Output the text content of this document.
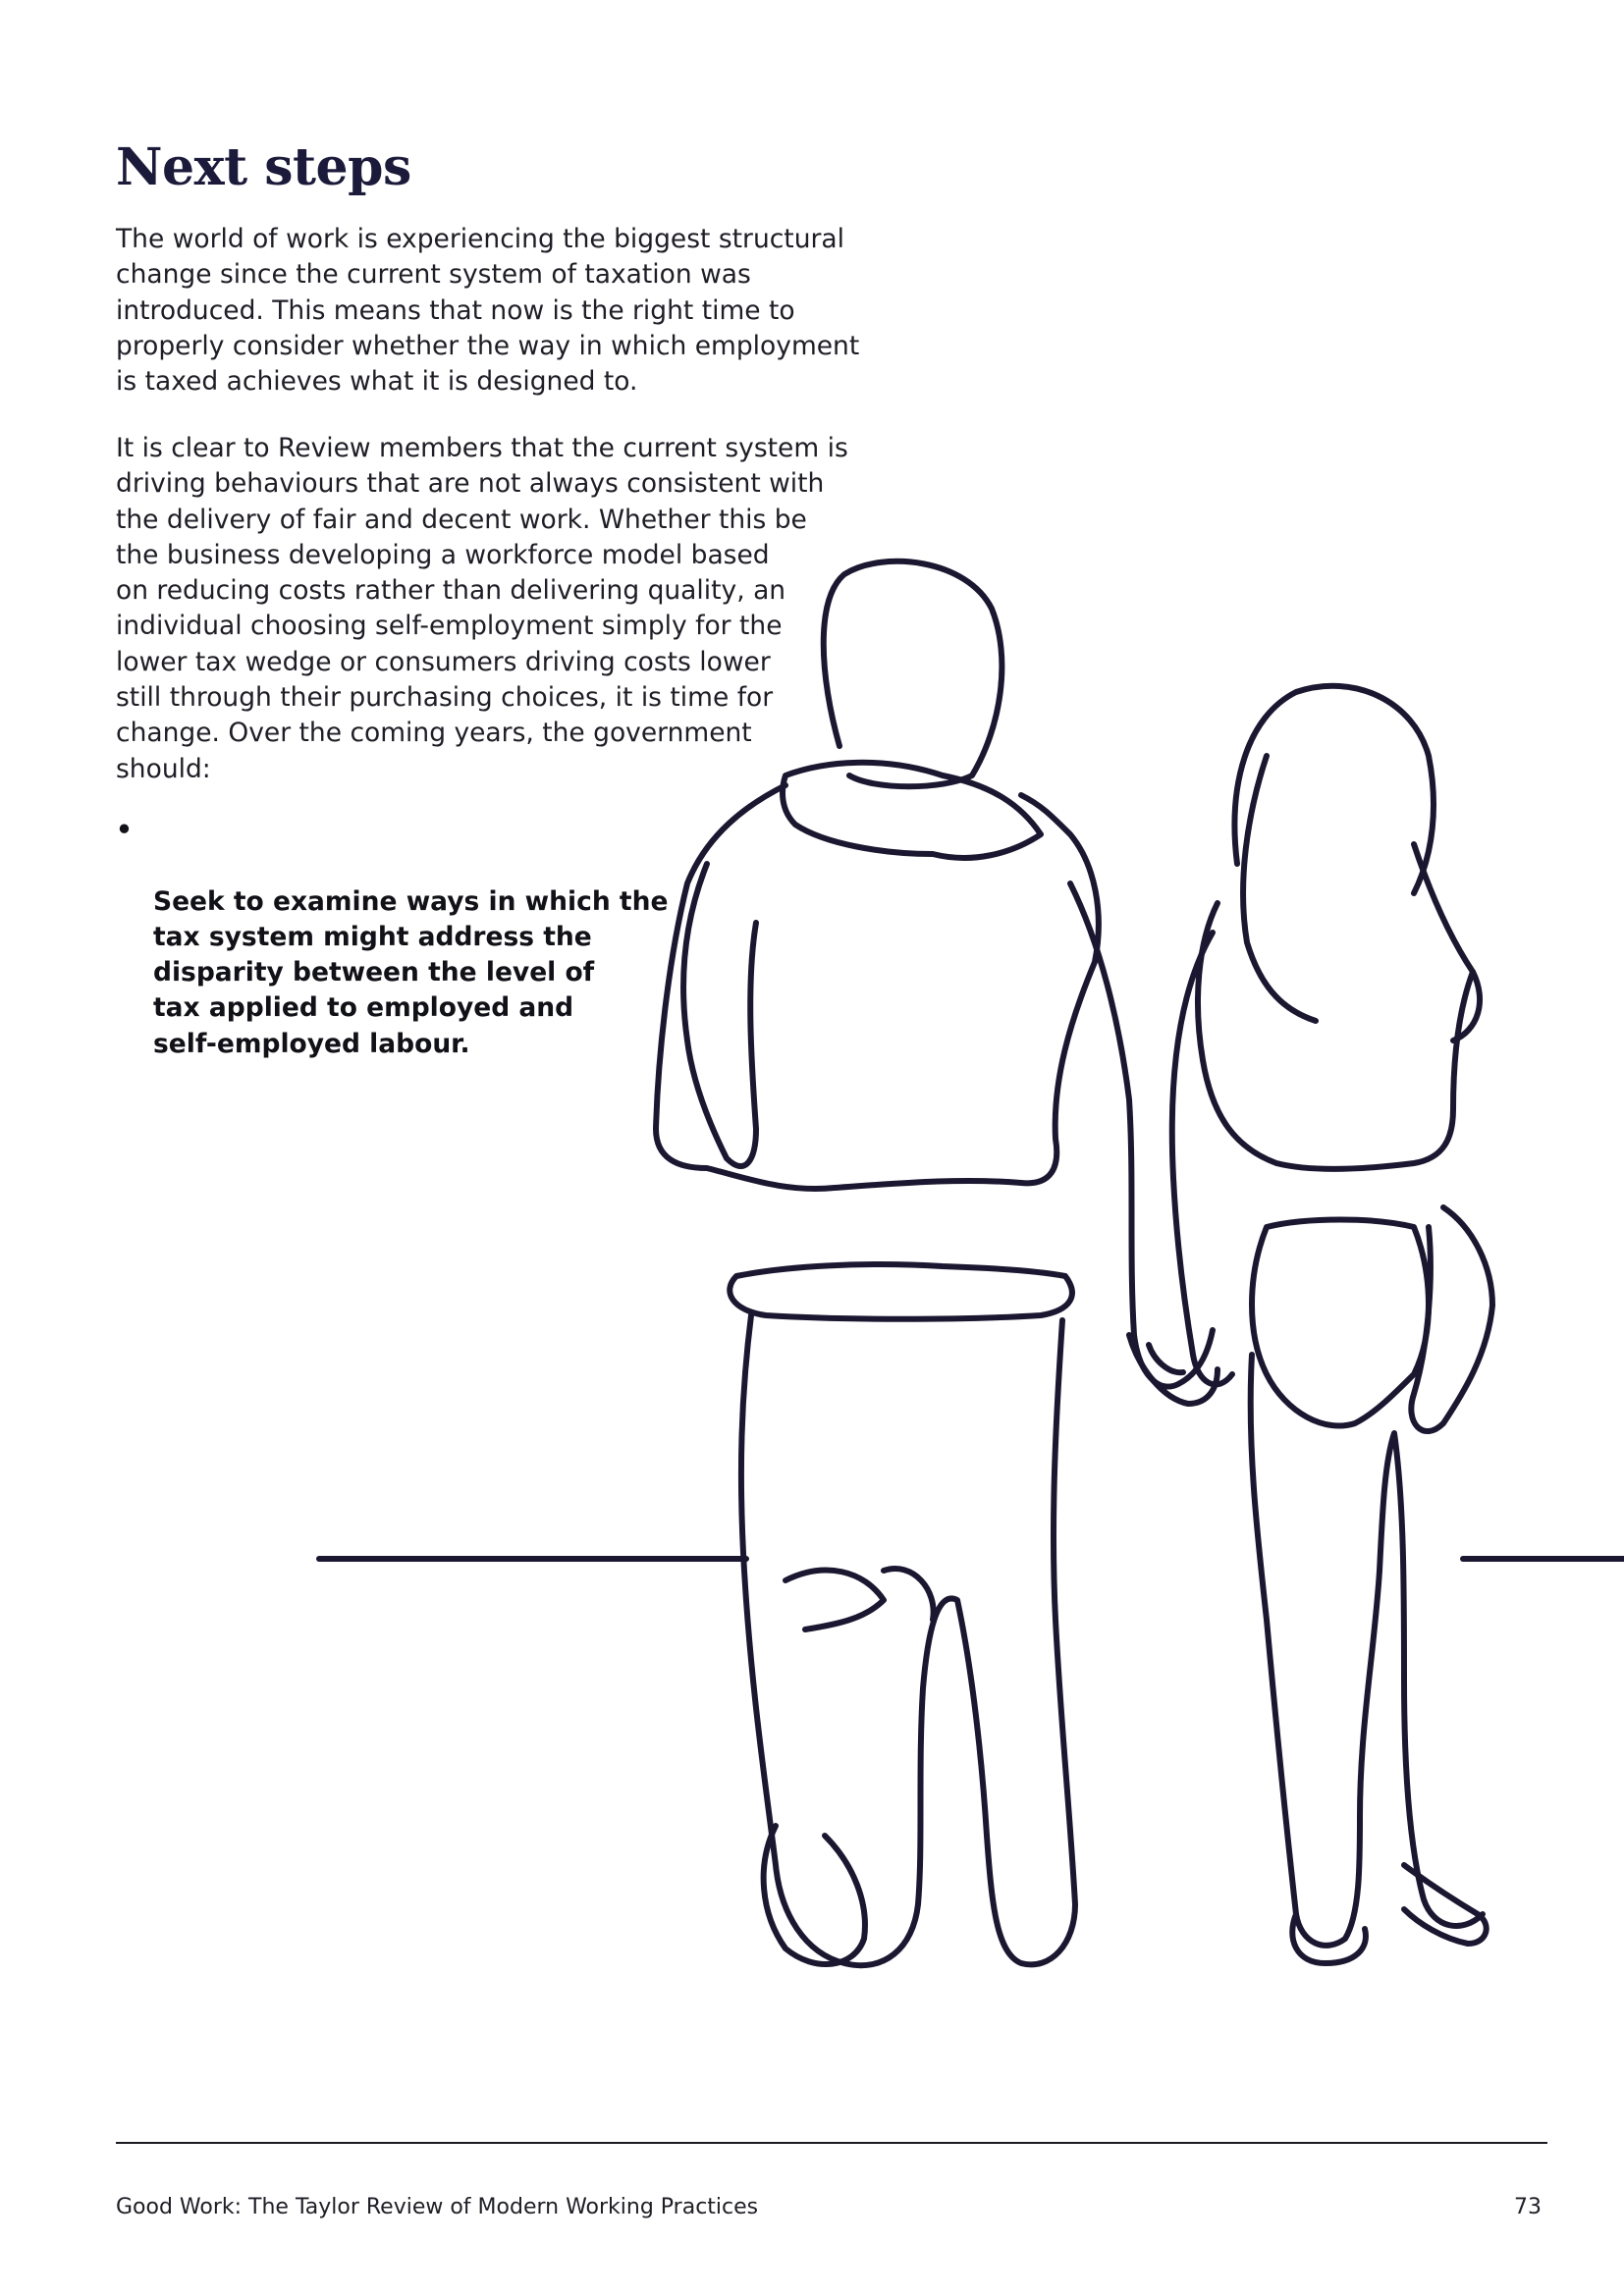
Next steps

The world of work is experiencing the biggest structural
change since the current system of taxation was
introduced. This means that now is the right time to
properly consider whether the way in which employment
is taxed achieves what it is designed to.

It is clear to Review members that the current system is
driving behaviours that are not always consistent with
the delivery of fair and decent work. Whether this be
the business developing a workforce model based
on reducing costs rather than delivering quality, an
individual choosing self-employment simply for the
lower tax wedge or consumers driving costs lower
still through their purchasing choices, it is time for
change. Over the coming years, the government
should:

•

Seek to examine ways in which the
tax system might address the
disparity between the level of
tax applied to employed and
self-employed labour.

Good Work: The Taylor Review of Modern Working Practices	73
